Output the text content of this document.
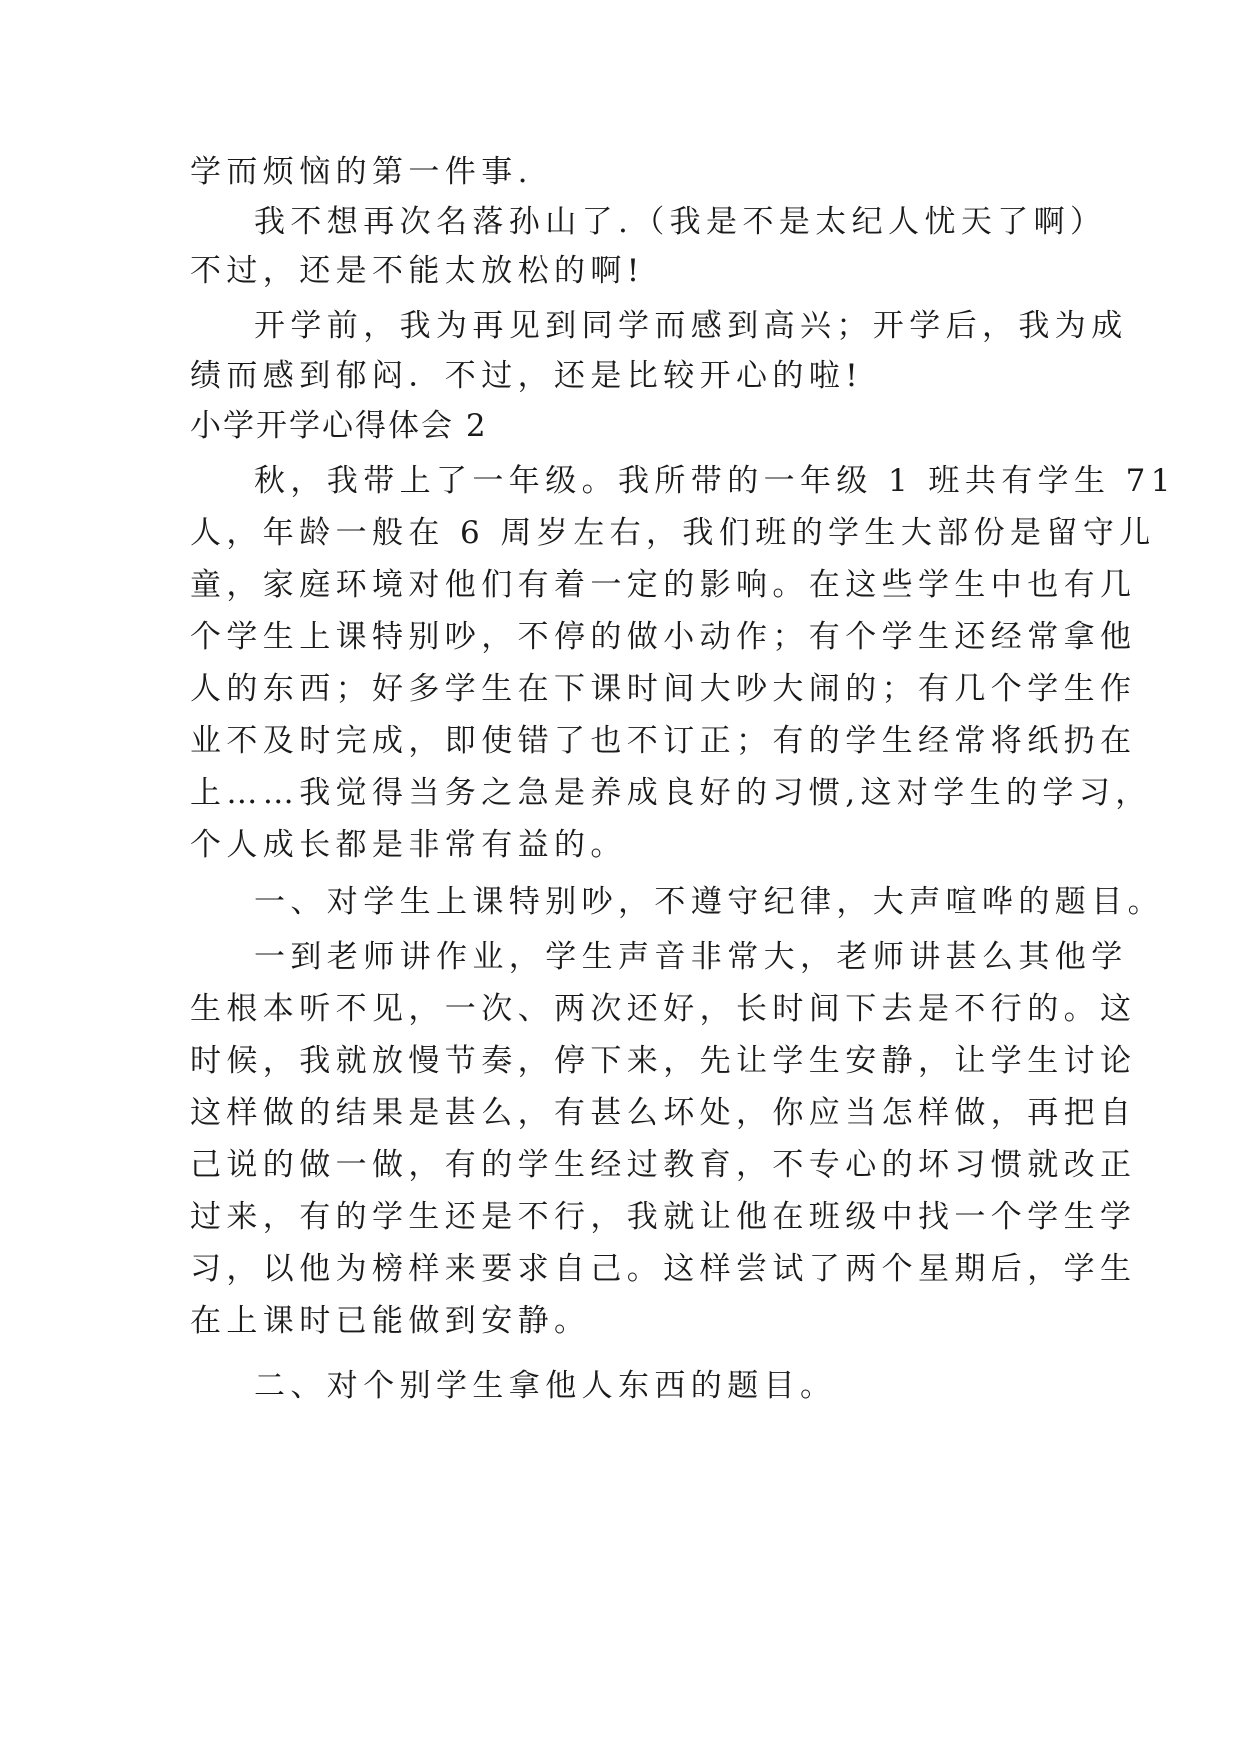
学而烦恼的第一件事.
我不想再次名落孙山了.（我是不是太纪人忧天了啊）
不过，还是不能太放松的啊!
开学前，我为再见到同学而感到高兴；开学后，我为成
绩而感到郁闷．不过，还是比较开心的啦!
小学开学心得体会 2
秋，我带上了一年级。我所带的一年级 1 班共有学生 71
人，年龄一般在 6 周岁左右，我们班的学生大部份是留守儿
童，家庭环境对他们有着一定的影响。在这些学生中也有几
个学生上课特别吵，不停的做小动作；有个学生还经常拿他
人的东西；好多学生在下课时间大吵大闹的；有几个学生作
业不及时完成，即使错了也不订正；有的学生经常将纸扔在
上……我觉得当务之急是养成良好的习惯,这对学生的学习，
个人成长都是非常有益的。
一、对学生上课特别吵，不遵守纪律，大声喧哗的题目。
一到老师讲作业，学生声音非常大，老师讲甚么其他学
生根本听不见，一次、两次还好，长时间下去是不行的。这
时候，我就放慢节奏，停下来，先让学生安静，让学生讨论
这样做的结果是甚么，有甚么坏处，你应当怎样做，再把自
己说的做一做，有的学生经过教育，不专心的坏习惯就改正
过来，有的学生还是不行，我就让他在班级中找一个学生学
习，以他为榜样来要求自己。这样尝试了两个星期后，学生
在上课时已能做到安静。
二、对个别学生拿他人东西的题目。
